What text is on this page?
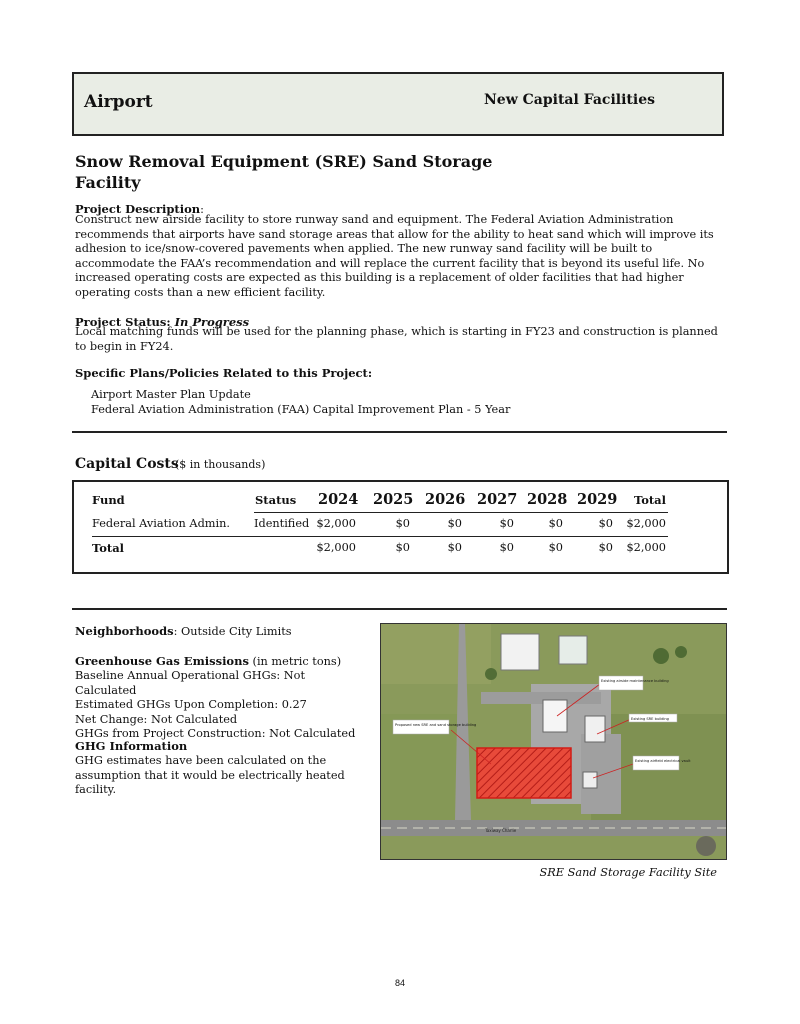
Airport	New Capital Facilities
Snow Removal Equipment (SRE) Sand Storage Facility
Project Description:
Construct new airside facility to store runway sand and equipment. The Federal Aviation Administration recommends that airports have sand storage areas that allow for the ability to heat sand which will improve its adhesion to ice/snow-covered pavements when applied. The new runway sand facility will be built to accommodate the FAA’s recommendation and will replace the current facility that is beyond its useful life. No increased operating costs are expected as this building is a replacement of older facilities that had higher operating costs than a new efficient facility.
Project Status: In Progress
Local matching funds will be used for the planning phase, which is starting in FY23 and construction is planned to begin in FY24.
Specific Plans/Policies Related to this Project:
Airport Master Plan Update
Federal Aviation Administration (FAA) Capital Improvement Plan - 5 Year
Capital Costs
($ in thousands)
Fund	Status 2024 2025 2026 2027 2028 2029	Total
Federal Aviation Admin. Identified $2,000	$0	$0	$0	$0	$0	$2,000
Total	$2,000	$0	$0	$0	$0	$0	$2,000
Neighborhoods: Outside City Limits
Greenhouse Gas Emissions (in metric tons)
Baseline Annual Operational GHGs: Not Calculated
Estimated GHGs Upon Completion: 0.27
Net Change: Not Calculated
GHGs from Project Construction: Not Calculated
GHG Information
GHG estimates have been calculated on the assumption that it would be electrically heated facility.
Existing airside maintenance building
Proposed new SRE and sand storage building
Existing SRE building
Existing airfield electrical vault
Taxiway Charlie
SRE Sand Storage Facility Site
84
